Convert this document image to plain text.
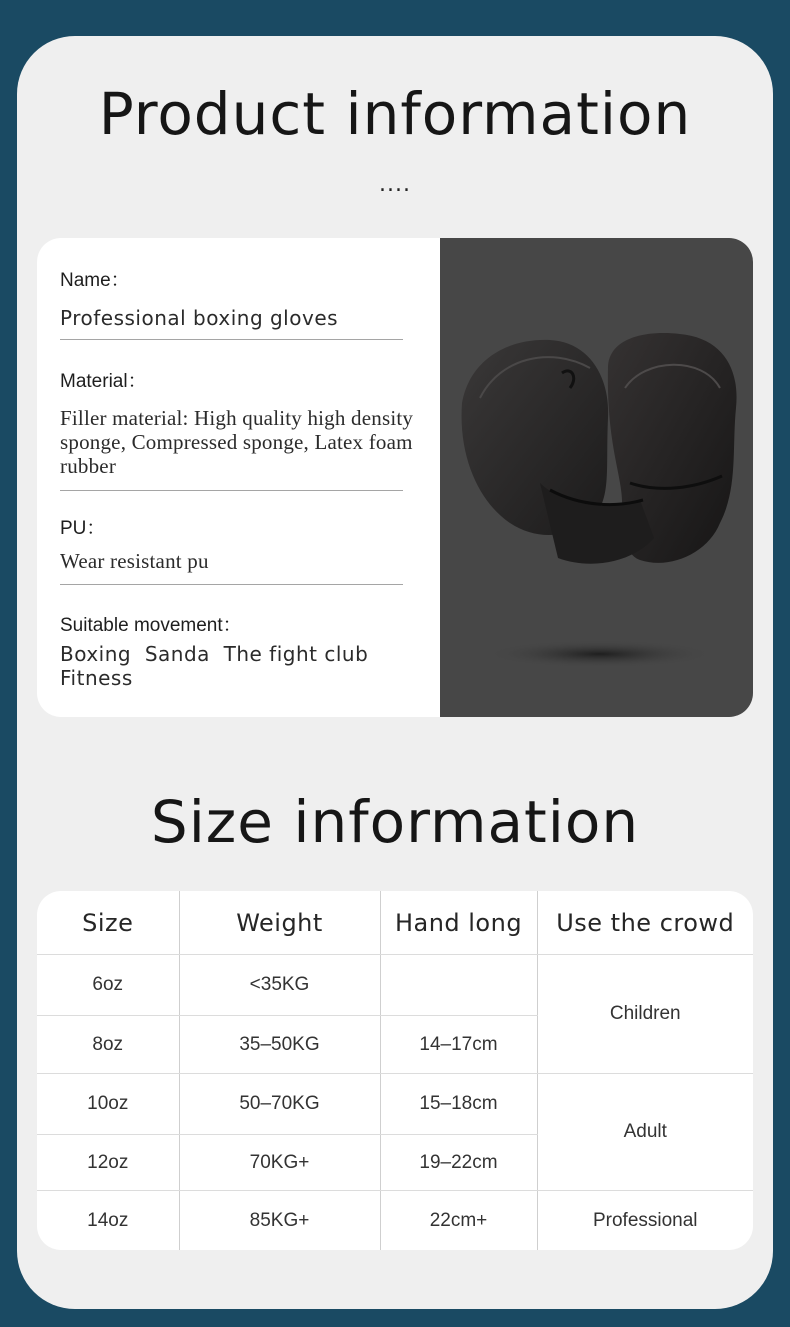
Product information
....
Name：
Professional boxing gloves
Material：
Filler material: High quality high density sponge, Compressed sponge, Latex foam rubber
PU：
Wear resistant pu
Suitable movement：
Boxing  Sanda  The fight club Fitness
Size information
Size	Weight	Hand long	Use the crowd
6oz	<35KG		Children
8oz	35–50KG	14–17cm	
10oz	50–70KG	15–18cm	Adult
12oz	70KG+	19–22cm	
14oz	85KG+	22cm+	Professional
